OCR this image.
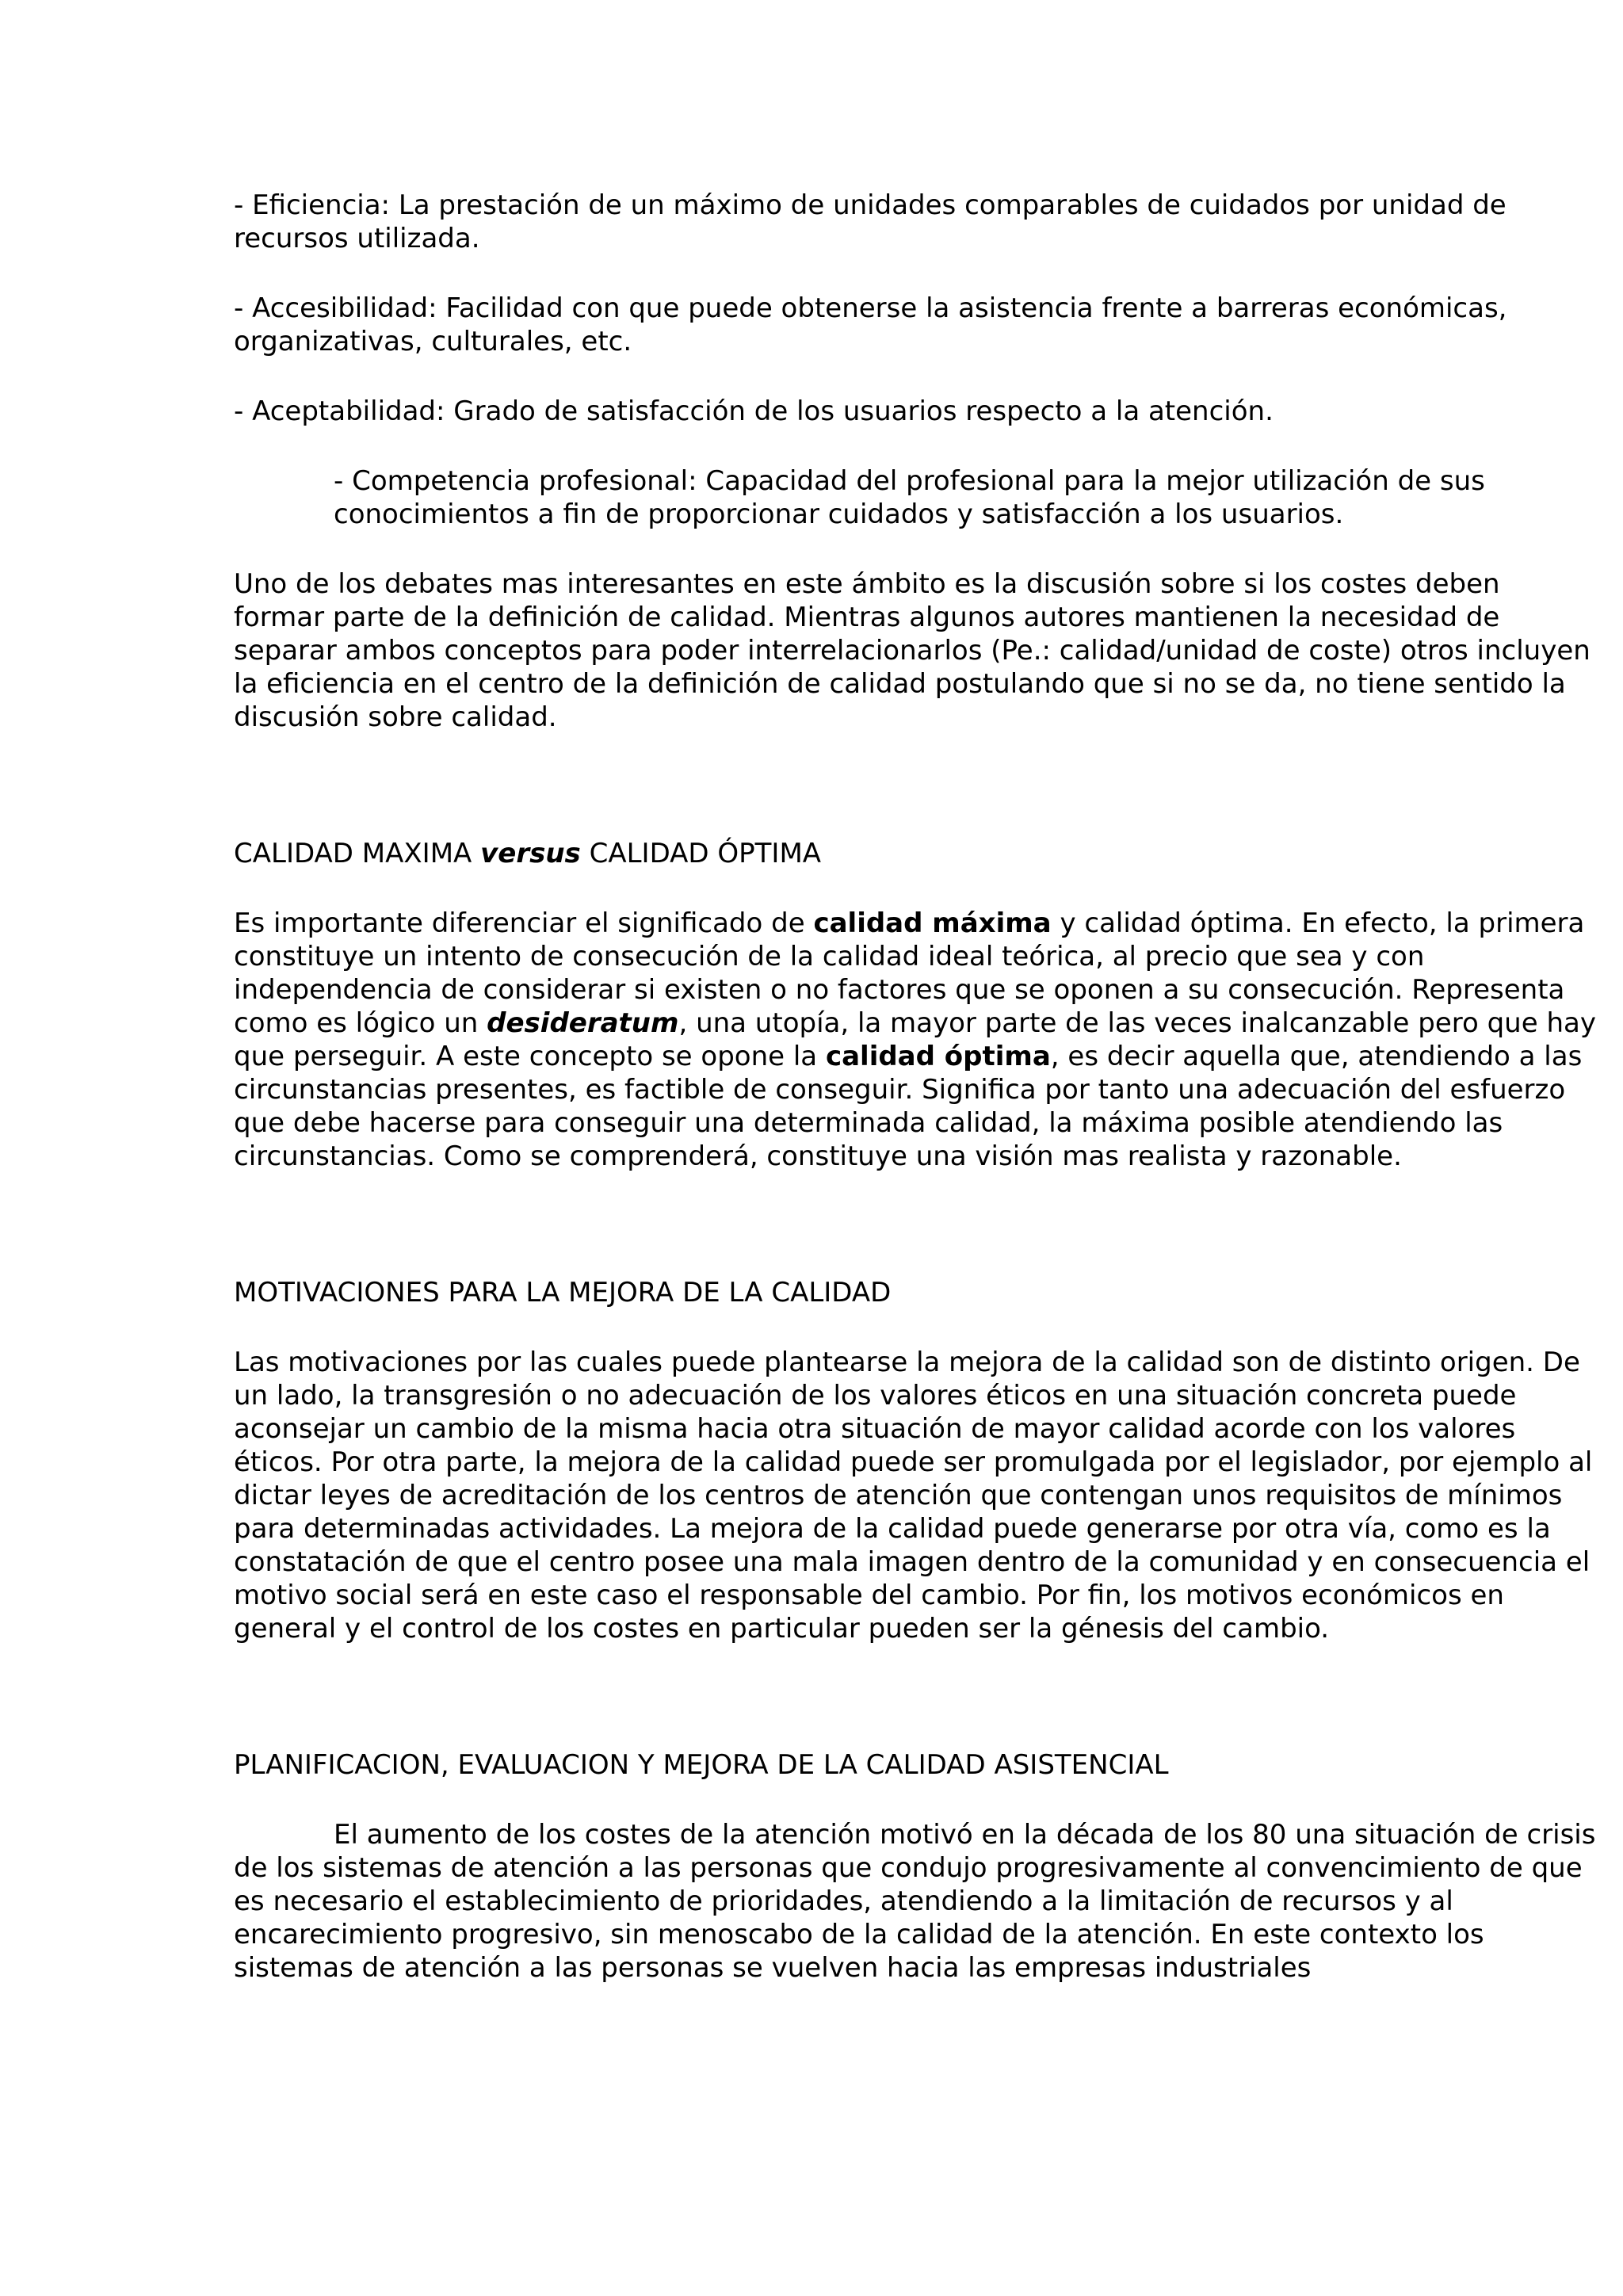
- Eficiencia: La prestación de un máximo de unidades comparables de cuidados por unidad de recursos utilizada.

- Accesibilidad: Facilidad con que puede obtenerse la asistencia frente a barreras económicas, organizativas, culturales, etc.

- Aceptabilidad: Grado de satisfacción de los usuarios respecto a la atención.

- Competencia profesional: Capacidad del profesional para la mejor utilización de sus conocimientos a fin de proporcionar cuidados y satisfacción a los usuarios.

Uno de los debates mas interesantes en este ámbito es la discusión sobre si los costes deben formar parte de la definición de calidad. Mientras algunos autores mantienen la necesidad de separar ambos conceptos para poder interrelacionarlos (Pe.: calidad/unidad de coste) otros incluyen la eficiencia en el centro de la definición de calidad postulando que si no se da, no tiene sentido la discusión sobre calidad.

CALIDAD MAXIMA versus CALIDAD ÓPTIMA

Es importante diferenciar el significado de calidad máxima y calidad óptima. En efecto, la primera constituye un intento de consecución de la calidad ideal teórica, al precio que sea y con independencia de considerar si existen o no factores que se oponen a su consecución. Representa como es lógico un desideratum, una utopía, la mayor parte de las veces inalcanzable pero que hay que perseguir. A este concepto se opone la calidad óptima, es decir aquella que, atendiendo a las circunstancias presentes, es factible de conseguir. Significa por tanto una adecuación del esfuerzo que debe hacerse para conseguir una determinada calidad, la máxima posible atendiendo las circunstancias. Como se comprenderá, constituye una visión mas realista y razonable.

MOTIVACIONES PARA LA MEJORA DE LA CALIDAD

Las motivaciones por las cuales puede plantearse la mejora de la calidad son de distinto origen. De un lado, la transgresión o no adecuación de los valores éticos en una situación concreta puede aconsejar un cambio de la misma hacia otra situación de mayor calidad acorde con los valores éticos. Por otra parte, la mejora de la calidad puede ser promulgada por el legislador, por ejemplo al dictar leyes de acreditación de los centros de atención que contengan unos requisitos de mínimos para determinadas actividades. La mejora de la calidad puede generarse por otra vía, como es la constatación de que el centro posee una mala imagen dentro de la comunidad y en consecuencia el motivo social será en este caso el responsable del cambio. Por fin, los motivos económicos en general y el control de los costes en particular pueden ser la génesis del cambio.

PLANIFICACION, EVALUACION Y MEJORA DE LA CALIDAD ASISTENCIAL

El aumento de los costes de la atención motivó en la década de los 80 una situación de crisis de los sistemas de atención a las personas que condujo progresivamente al convencimiento de que es necesario el establecimiento de prioridades, atendiendo a la limitación de recursos y al encarecimiento progresivo, sin menoscabo de la calidad de la atención. En este contexto los sistemas de atención a las personas se vuelven hacia las empresas industriales
